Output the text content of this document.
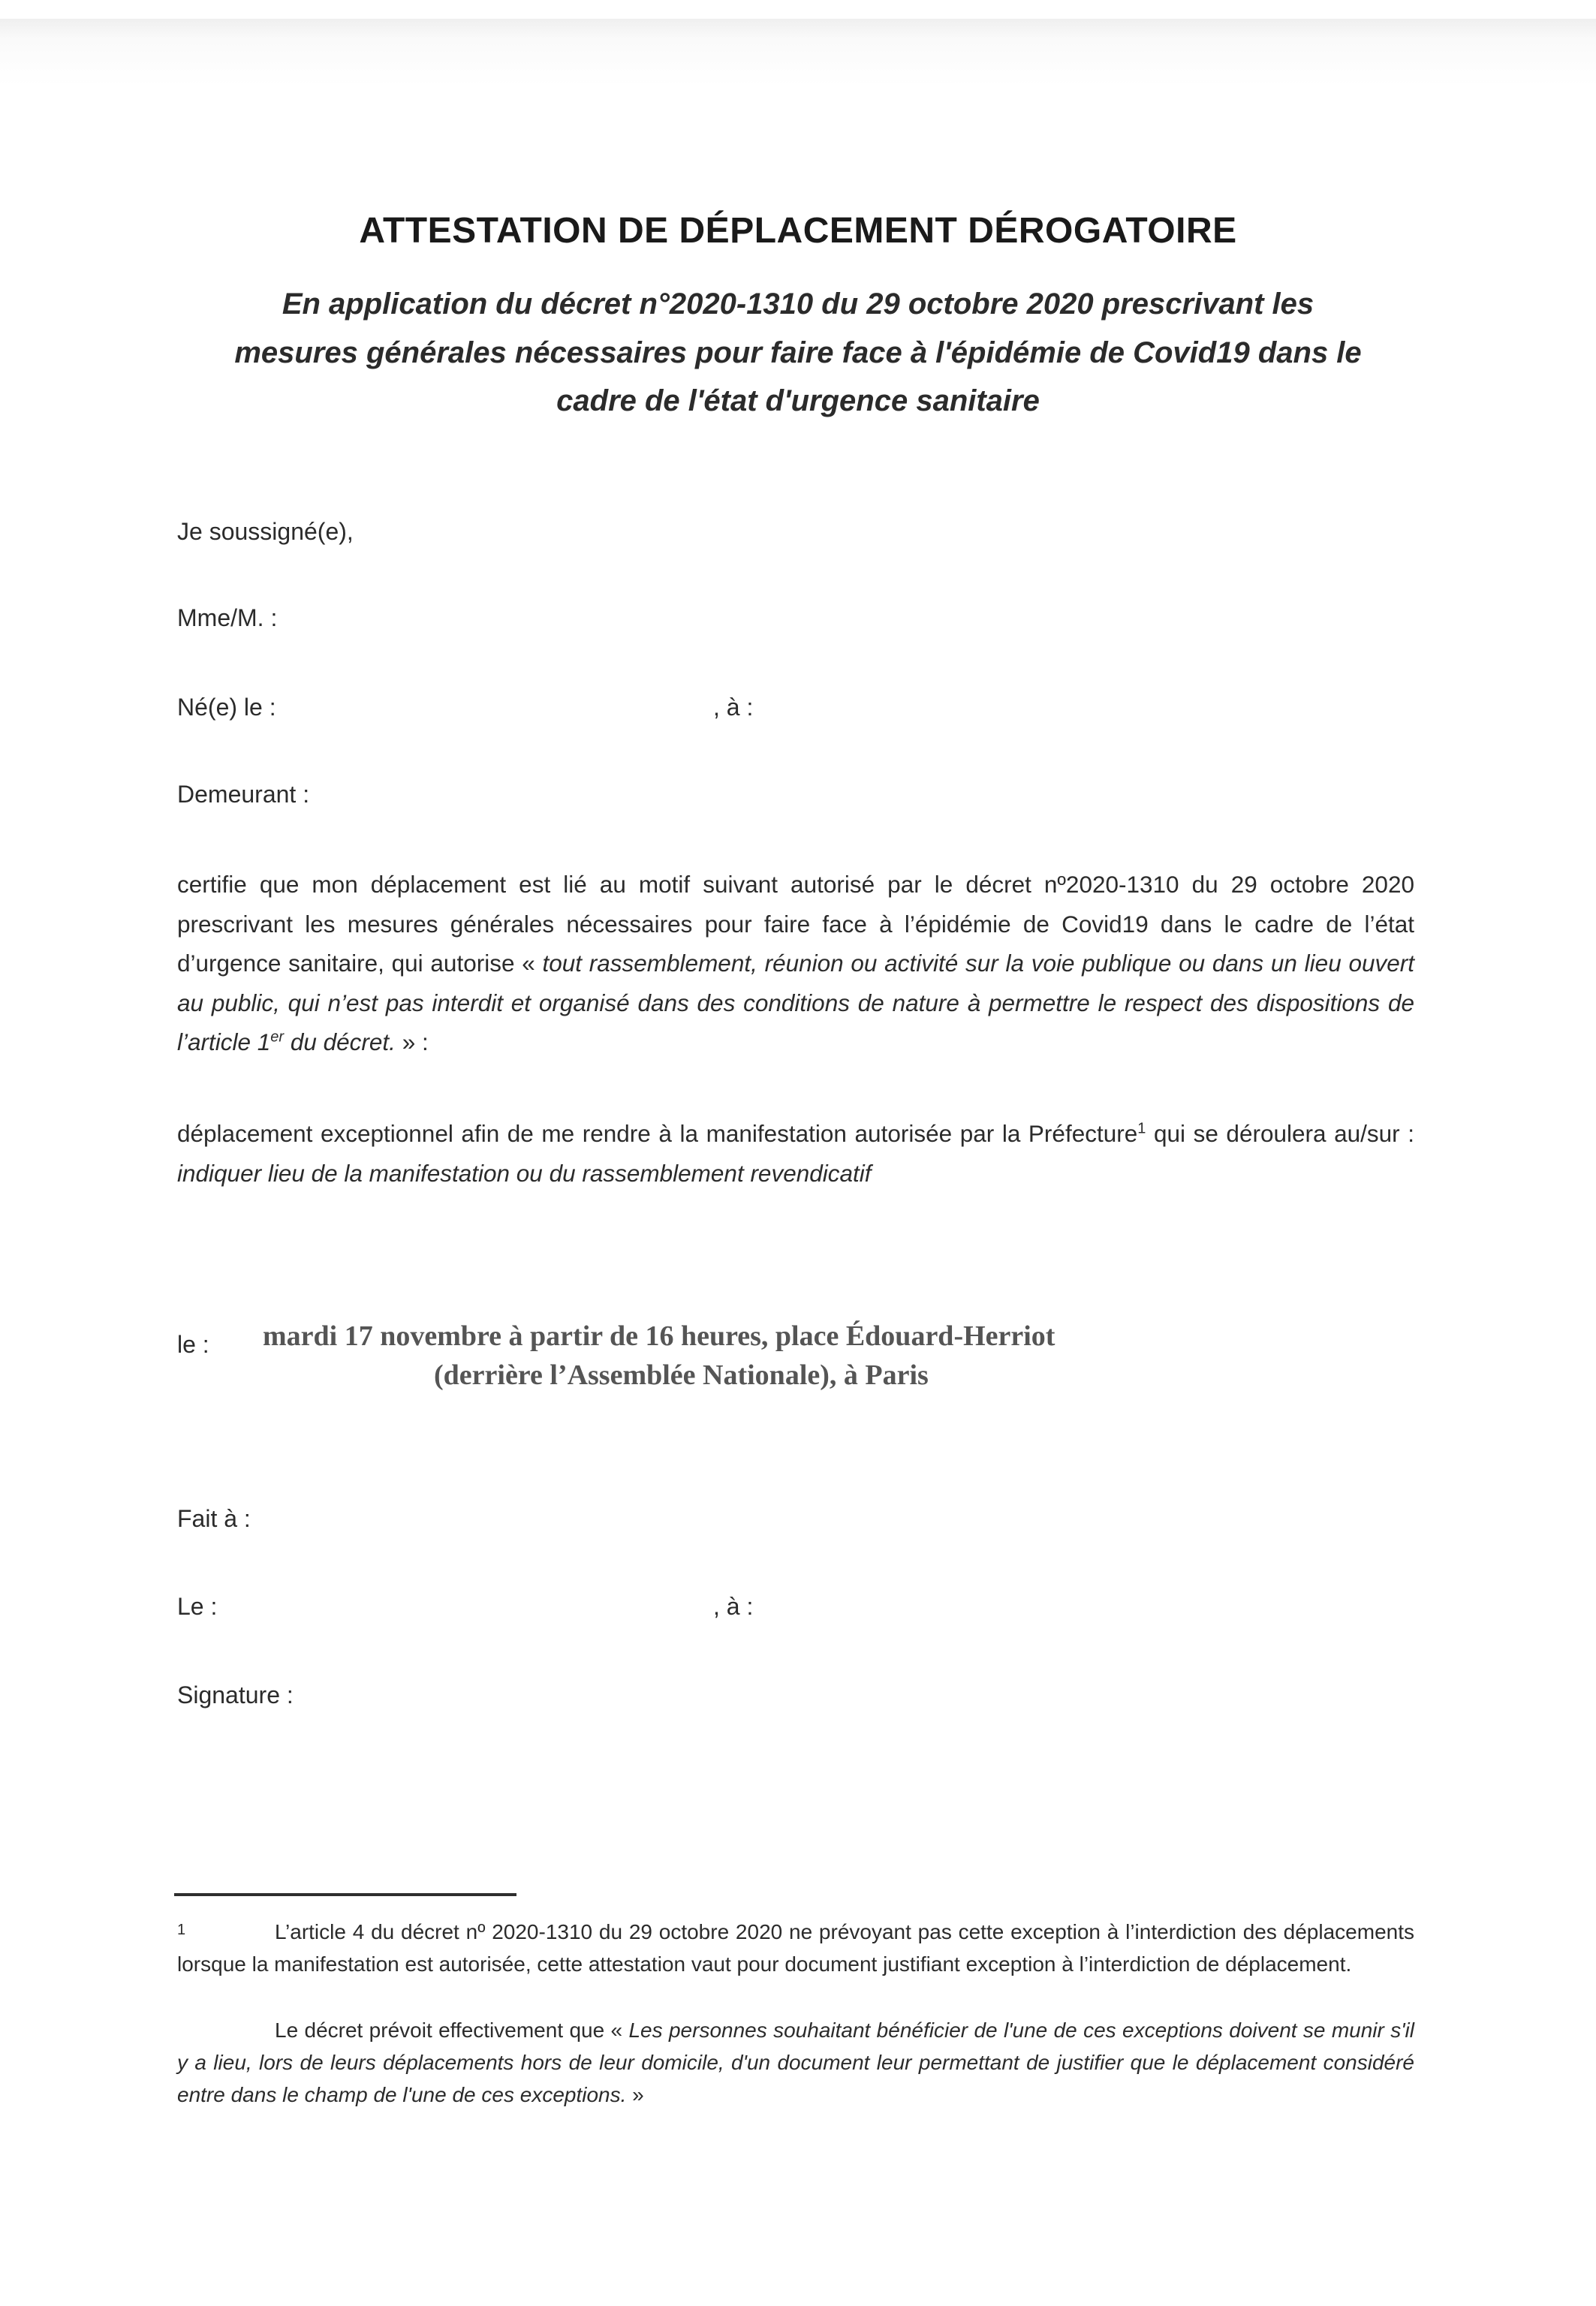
ATTESTATION DE DÉPLACEMENT DÉROGATOIRE
En application du décret n°2020-1310 du 29 octobre 2020 prescrivant les
mesures générales nécessaires pour faire face à l'épidémie de Covid19 dans le
cadre de l'état d'urgence sanitaire
Je soussigné(e),
Mme/M. :
Né(e) le :	, à :
Demeurant :
certifie que mon déplacement est lié au motif suivant autorisé par le décret nº2020-1310 du 29 octobre 2020 prescrivant les mesures générales nécessaires pour faire face à l’épidémie de Covid19 dans le cadre de l’état d’urgence sanitaire, qui autorise « tout rassemblement, réunion ou activité sur la voie publique ou dans un lieu ouvert au public, qui n’est pas interdit et organisé dans des conditions de nature à permettre le respect des dispositions de l’article 1er du décret. » :
déplacement exceptionnel afin de me rendre à la manifestation autorisée par la Préfecture$^1$ qui se déroulera au/sur : indiquer lieu de la manifestation ou du rassemblement revendicatif
le : mardi 17 novembre à partir de 16 heures, place Édouard-Herriot
(derrière l’Assemblée Nationale), à Paris
Fait à :
Le :	, à :
Signature :
1	L’article 4 du décret nº 2020-1310 du 29 octobre 2020 ne prévoyant pas cette exception à l’interdiction des déplacements lorsque la manifestation est autorisée, cette attestation vaut pour document justifiant exception à l’interdiction de déplacement.
Le décret prévoit effectivement que « Les personnes souhaitant bénéficier de l'une de ces exceptions doivent se munir s'il y a lieu, lors de leurs déplacements hors de leur domicile, d'un document leur permettant de justifier que le déplacement considéré entre dans le champ de l'une de ces exceptions. »
